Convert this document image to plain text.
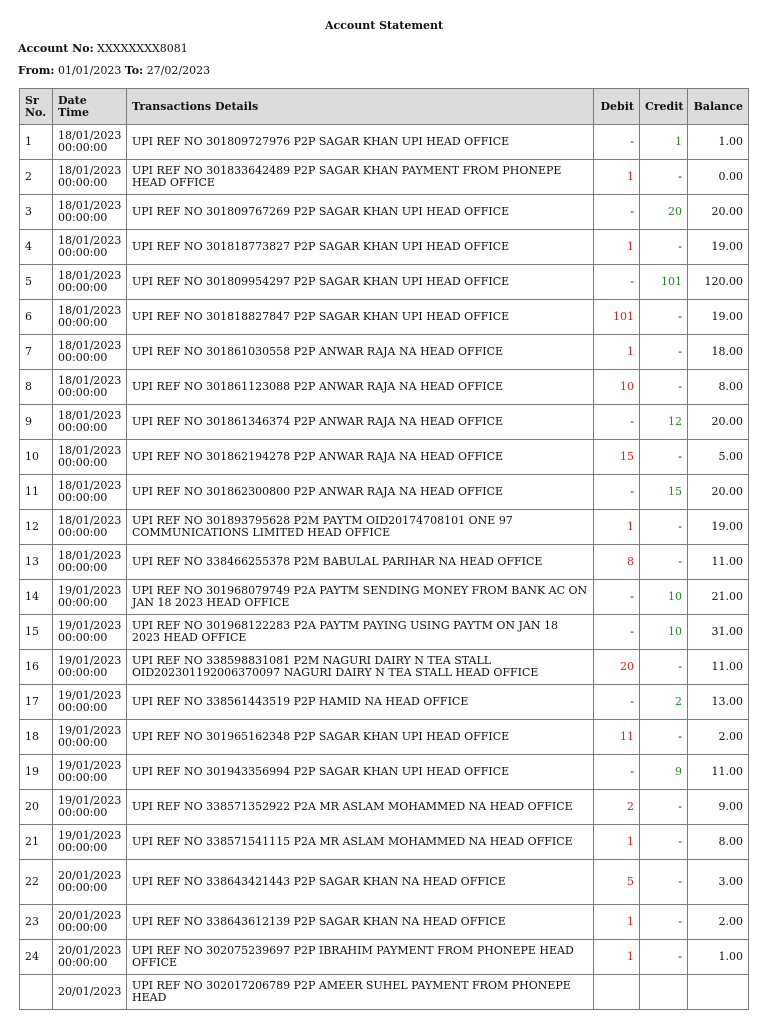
Account Statement
Account No: XXXXXXXX8081
From: 01/01/2023 To: 27/02/2023
Sr No.	Date Time	Transactions Details	Debit	Credit	Balance
1	18/01/2023 00:00:00	UPI REF NO 301809727976 P2P SAGAR KHAN UPI HEAD OFFICE	-	1	1.00
2	18/01/2023 00:00:00	UPI REF NO 301833642489 P2P SAGAR KHAN PAYMENT FROM PHONEPE HEAD OFFICE	1	-	0.00
3	18/01/2023 00:00:00	UPI REF NO 301809767269 P2P SAGAR KHAN UPI HEAD OFFICE	-	20	20.00
4	18/01/2023 00:00:00	UPI REF NO 301818773827 P2P SAGAR KHAN UPI HEAD OFFICE	1	-	19.00
5	18/01/2023 00:00:00	UPI REF NO 301809954297 P2P SAGAR KHAN UPI HEAD OFFICE	-	101	120.00
6	18/01/2023 00:00:00	UPI REF NO 301818827847 P2P SAGAR KHAN UPI HEAD OFFICE	101	-	19.00
7	18/01/2023 00:00:00	UPI REF NO 301861030558 P2P ANWAR RAJA NA HEAD OFFICE	1	-	18.00
8	18/01/2023 00:00:00	UPI REF NO 301861123088 P2P ANWAR RAJA NA HEAD OFFICE	10	-	8.00
9	18/01/2023 00:00:00	UPI REF NO 301861346374 P2P ANWAR RAJA NA HEAD OFFICE	-	12	20.00
10	18/01/2023 00:00:00	UPI REF NO 301862194278 P2P ANWAR RAJA NA HEAD OFFICE	15	-	5.00
11	18/01/2023 00:00:00	UPI REF NO 301862300800 P2P ANWAR RAJA NA HEAD OFFICE	-	15	20.00
12	18/01/2023 00:00:00	UPI REF NO 301893795628 P2M PAYTM OID20174708101 ONE 97 COMMUNICATIONS LIMITED HEAD OFFICE	1	-	19.00
13	18/01/2023 00:00:00	UPI REF NO 338466255378 P2M BABULAL PARIHAR NA HEAD OFFICE	8	-	11.00
14	19/01/2023 00:00:00	UPI REF NO 301968079749 P2A PAYTM SENDING MONEY FROM BANK AC ON JAN 18 2023 HEAD OFFICE	-	10	21.00
15	19/01/2023 00:00:00	UPI REF NO 301968122283 P2A PAYTM PAYING USING PAYTM ON JAN 18 2023 HEAD OFFICE	-	10	31.00
16	19/01/2023 00:00:00	UPI REF NO 338598831081 P2M NAGURI DAIRY N TEA STALL OID202301192006370097 NAGURI DAIRY N TEA STALL HEAD OFFICE	20	-	11.00
17	19/01/2023 00:00:00	UPI REF NO 338561443519 P2P HAMID NA HEAD OFFICE	-	2	13.00
18	19/01/2023 00:00:00	UPI REF NO 301965162348 P2P SAGAR KHAN UPI HEAD OFFICE	11	-	2.00
19	19/01/2023 00:00:00	UPI REF NO 301943356994 P2P SAGAR KHAN UPI HEAD OFFICE	-	9	11.00
20	19/01/2023 00:00:00	UPI REF NO 338571352922 P2A MR ASLAM MOHAMMED NA HEAD OFFICE	2	-	9.00
21	19/01/2023 00:00:00	UPI REF NO 338571541115 P2A MR ASLAM MOHAMMED NA HEAD OFFICE	1	-	8.00
22	20/01/2023 00:00:00	UPI REF NO 338643421443 P2P SAGAR KHAN NA HEAD OFFICE	5	-	3.00
23	20/01/2023 00:00:00	UPI REF NO 338643612139 P2P SAGAR KHAN NA HEAD OFFICE	1	-	2.00
24	20/01/2023 00:00:00	UPI REF NO 302075239697 P2P IBRAHIM PAYMENT FROM PHONEPE HEAD OFFICE	1	-	1.00
	20/01/2023	UPI REF NO 302017206789 P2P AMEER SUHEL PAYMENT FROM PHONEPE HEAD			
